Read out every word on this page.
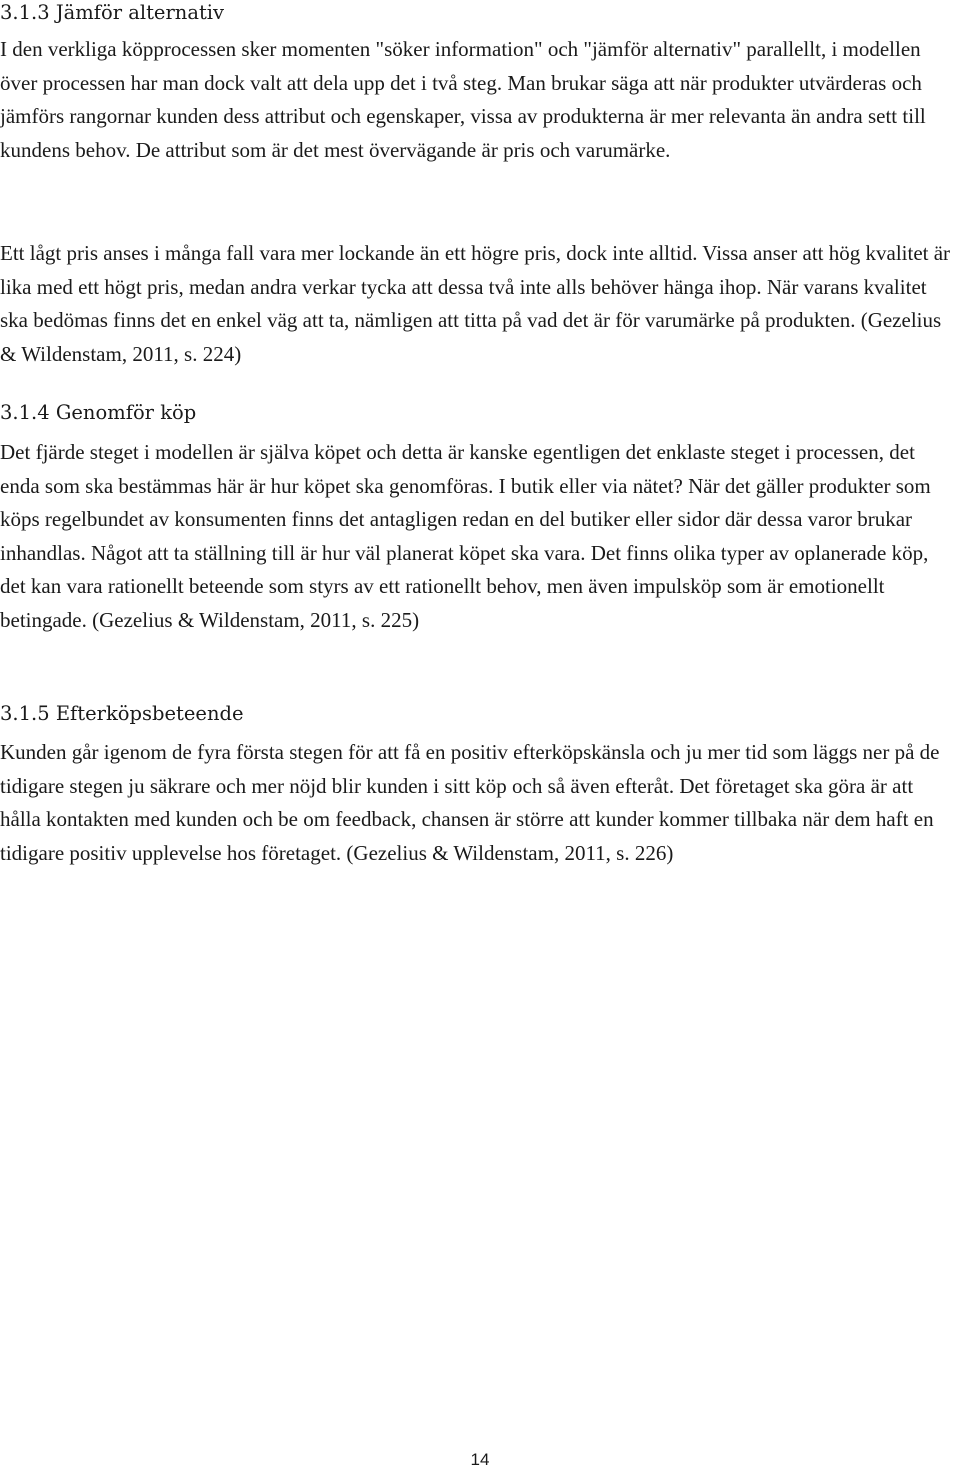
3.1.3 Jämför alternativ

I den verkliga köpprocessen sker momenten "söker information" och "jämför alternativ" parallellt, i modellen över processen har man dock valt att dela upp det i två steg. Man brukar säga att när produkter utvärderas och jämförs rangornar kunden dess attribut och egenskaper, vissa av produkterna är mer relevanta än andra sett till kundens behov. De attribut som är det mest övervägande är pris och varumärke.

Ett lågt pris anses i många fall vara mer lockande än ett högre pris, dock inte alltid. Vissa anser att hög kvalitet är lika med ett högt pris, medan andra verkar tycka att dessa två inte alls behöver hänga ihop. När varans kvalitet ska bedömas finns det en enkel väg att ta, nämligen att titta på vad det är för varumärke på produkten. (Gezelius & Wildenstam, 2011, s. 224)

3.1.4 Genomför köp

Det fjärde steget i modellen är själva köpet och detta är kanske egentligen det enklaste steget i processen, det enda som ska bestämmas här är hur köpet ska genomföras. I butik eller via nätet? När det gäller produkter som köps regelbundet av konsumenten finns det antagligen redan en del butiker eller sidor där dessa varor brukar inhandlas. Något att ta ställning till är hur väl planerat köpet ska vara. Det finns olika typer av oplanerade köp, det kan vara rationellt beteende som styrs av ett rationellt behov, men även impulsköp som är emotionellt betingade. (Gezelius & Wildenstam, 2011, s. 225)

3.1.5 Efterköpsbeteende

Kunden går igenom de fyra första stegen för att få en positiv efterköpskänsla och ju mer tid som läggs ner på de tidigare stegen ju säkrare och mer nöjd blir kunden i sitt köp och så även efteråt. Det företaget ska göra är att hålla kontakten med kunden och be om feedback, chansen är större att kunder kommer tillbaka när dem haft en tidigare positiv upplevelse hos företaget. (Gezelius & Wildenstam, 2011, s. 226)

14
